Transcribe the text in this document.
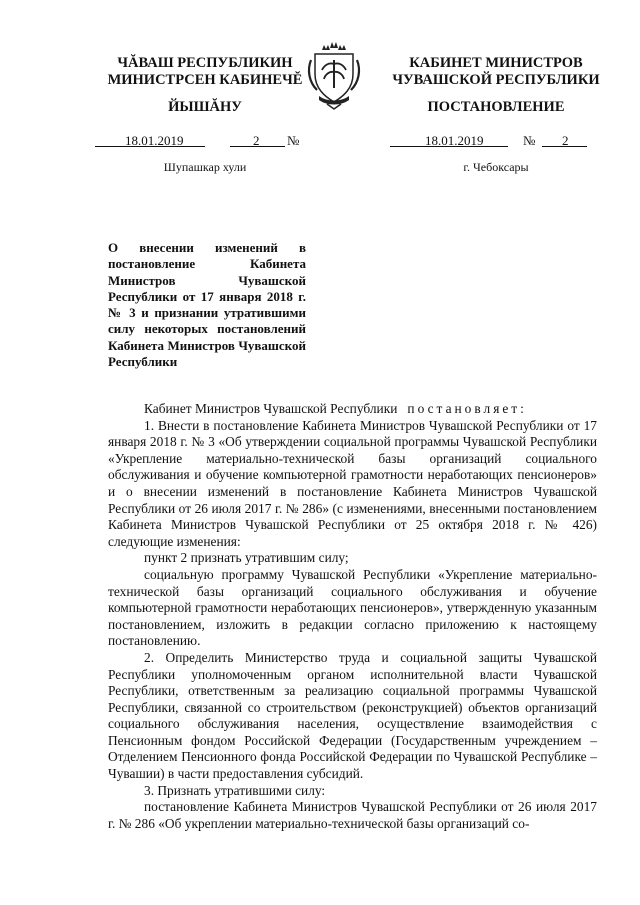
ЧĂВАШ РЕСПУБЛИКИН
МИНИСТРСЕН КАБИНЕЧĔ
ЙЫШĂНУ
КАБИНЕТ МИНИСТРОВ
ЧУВАШСКОЙ РЕСПУБЛИКИ
ПОСТАНОВЛЕНИЕ
18.01.2019	2 №	18.01.2019	№ 2
Шупашкар хули	г. Чебоксары
О внесении изменений в постановление Кабинета Министров Чувашской Республики от 17 января 2018 г. № 3 и признании утратившими силу некоторых постановлений Кабинета Министров Чувашской Республики

Кабинет Министров Чувашской Республики постановляет:

1. Внести в постановление Кабинета Министров Чувашской Республики от 17 января 2018 г. № 3 «Об утверждении социальной программы Чувашской Республики «Укрепление материально-технической базы организаций социального обслуживания и обучение компьютерной грамотности неработающих пенсионеров» и о внесении изменений в постановление Кабинета Министров Чувашской Республики от 26 июля 2017 г. № 286» (с изменениями, внесенными постановлением Кабинета Министров Чувашской Республики от 25 октября 2018 г. № 426) следующие изменения:

пункт 2 признать утратившим силу;

социальную программу Чувашской Республики «Укрепление материально-технической базы организаций социального обслуживания и обучение компьютерной грамотности неработающих пенсионеров», утвержденную указанным постановлением, изложить в редакции согласно приложению к настоящему постановлению.

2. Определить Министерство труда и социальной защиты Чувашской Республики уполномоченным органом исполнительной власти Чувашской Республики, ответственным за реализацию социальной программы Чувашской Республики, связанной со строительством (реконструкцией) объектов организаций социального обслуживания населения, осуществление взаимодействия с Пенсионным фондом Российской Федерации (Государственным учреждением – Отделением Пенсионного фонда Российской Федерации по Чувашской Республике – Чувашии) в части предоставления субсидий.

3. Признать утратившими силу:

постановление Кабинета Министров Чувашской Республики от 26 июля 2017 г. № 286 «Об укреплении материально-технической базы организаций со-
